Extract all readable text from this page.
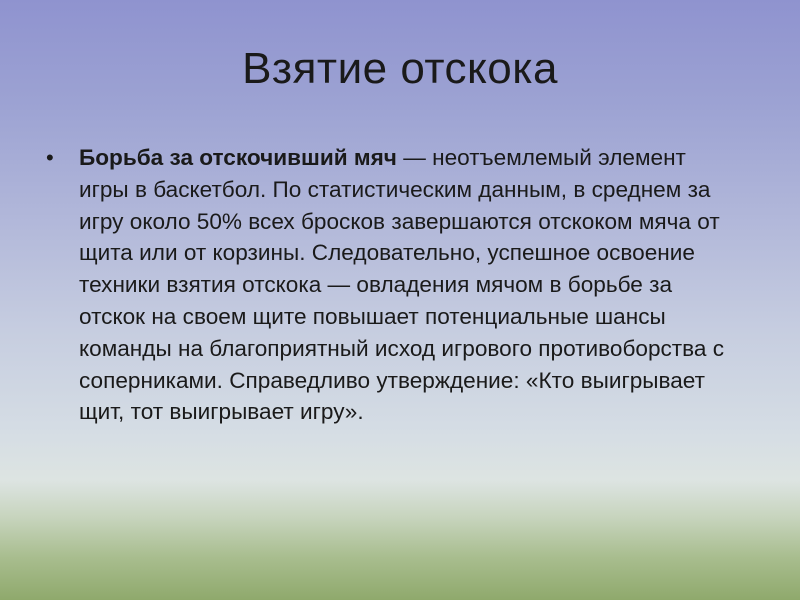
Взятие отскока
• Борьба за отскочивший мяч — неотъемлемый элемент игры в баскетбол. По статистическим данным, в среднем за игру около 50% всех бросков завершаются отскоком мяча от щита или от корзины. Следовательно, успешное освоение техники взятия отскока — овладения мячом в борьбе за отскок на своем щите повышает потенциальные шансы команды на благоприятный исход игрового противоборства с соперниками. Справедливо утверждение: «Кто выигрывает щит, тот выигрывает игру».
